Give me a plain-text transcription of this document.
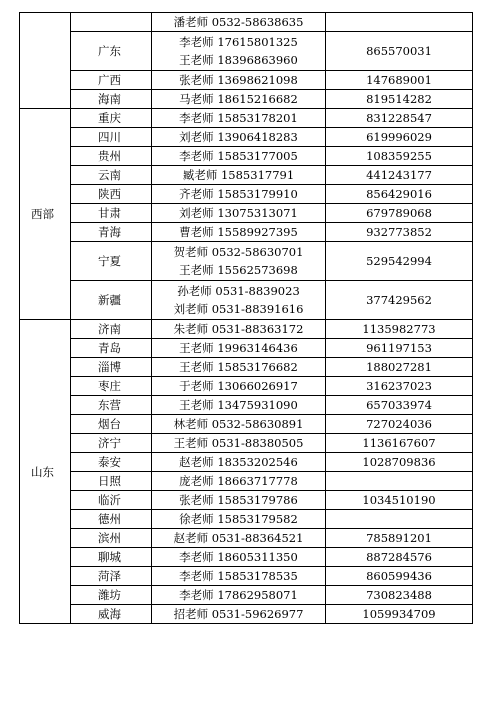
		潘老师 0532-58638635	

	广东	李老师 17615801325
王老师 18396863960	865570031
	广西	张老师 13698621098	147689001
	海南	马老师 18615216682	819514282
西部	重庆	李老师 15853178201	831228547
	四川	刘老师 13906418283	619996029
	贵州	李老师 15853177005	108359255
	云南	臧老师 1585317791	441243177
	陕西	齐老师 15853179910	856429016
	甘肃	刘老师 13075313071	679789068
	青海	曹老师 15589927395	932773852
	宁夏	贺老师 0532-58630701
王老师 15562573698	529542994
	新疆	孙老师 0531-8839023
刘老师 0531-88391616	377429562
山东	济南	朱老师 0531-88363172	1135982773
	青岛	王老师 19963146436	961197153
	淄博	王老师 15853176682	188027281
	枣庄	于老师 13066026917	316237023
	东营	王老师 13475931090	657033974
	烟台	林老师 0532-58630891	727024036
	济宁	王老师 0531-88380505	1136167607
	泰安	赵老师 18353202546	1028709836
	日照	庞老师 18663717778	

	临沂	张老师 15853179786	1034510190
	德州	徐老师 15853179582	

	滨州	赵老师 0531-88364521	785891201
	聊城	李老师 18605311350	887284576
	菏泽	李老师 15853178535	860599436
	潍坊	李老师 17862958071	730823488
	威海	招老师 0531-59626977	1059934709
